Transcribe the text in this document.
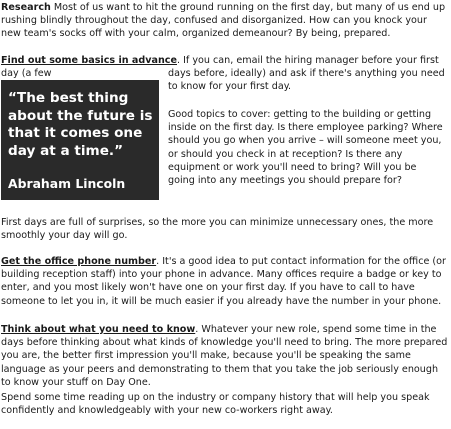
Research Most of us want to hit the ground running on the first day, but many of us end up rushing blindly throughout the day, confused and disorganized. How can you knock your new team's socks off with your calm, organized demeanour? By being, prepared.

Find out some basics in advance. If you can, email the hiring manager before your first day (a few

“The best thing about the future is that it comes one day at a time.”
Abraham Lincoln

days before, ideally) and ask if there's anything you need to know for your first day.

Good topics to cover: getting to the building or getting inside on the first day. Is there employee parking? Where should you go when you arrive – will someone meet you, or should you check in at reception? Is there any equipment or work you'll need to bring? Will you be going into any meetings you should prepare for?

First days are full of surprises, so the more you can minimize unnecessary ones, the more smoothly your day will go.

Get the office phone number. It's a good idea to put contact information for the office (or building reception staff) into your phone in advance. Many offices require a badge or key to enter, and you most likely won't have one on your first day. If you have to call to have someone to let you in, it will be much easier if you already have the number in your phone.

Think about what you need to know. Whatever your new role, spend some time in the days before thinking about what kinds of knowledge you'll need to bring. The more prepared you are, the better first impression you'll make, because you'll be speaking the same language as your peers and demonstrating to them that you take the job seriously enough to know your stuff on Day One.

Spend some time reading up on the industry or company history that will help you speak confidently and knowledgeably with your new co-workers right away.
